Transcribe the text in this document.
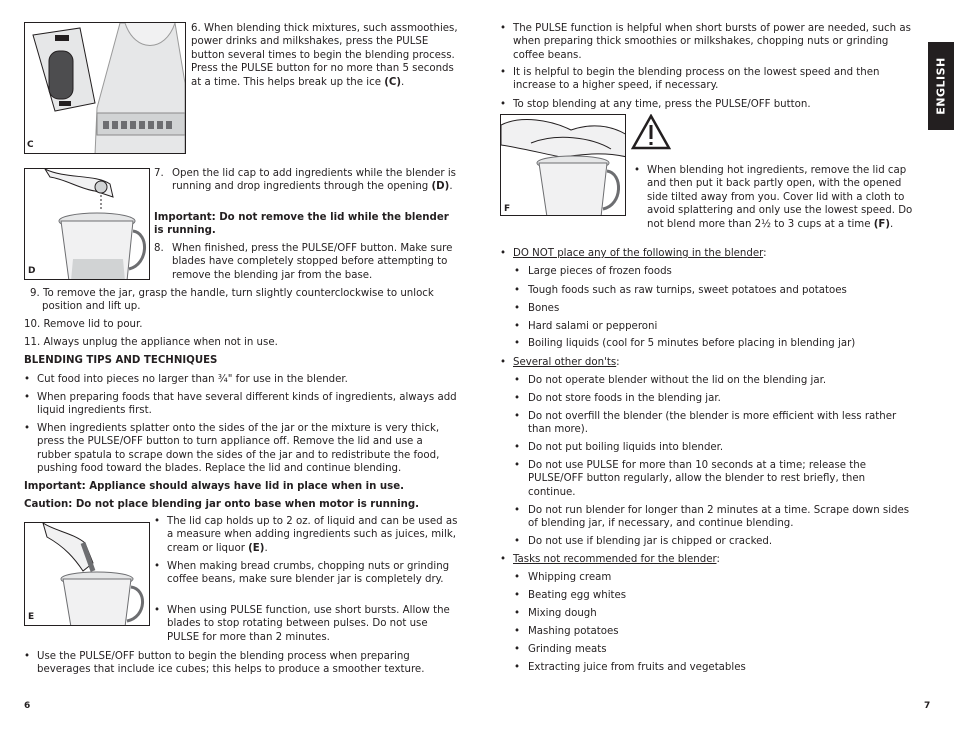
C
6. When blending thick mixtures, such assmoothies, power drinks and milkshakes, press the PULSE button several times to begin the blending process. Press the PULSE button for no more than 5 seconds at a time. This helps break up the ice (C).
D
7. Open the lid cap to add ingredients while the blender is running and drop ingredients through the opening (D).
Important: Do not remove the lid while the blender is running.
8. When finished, press the PULSE/OFF button. Make sure blades have completely stopped before attempting to remove the blending jar from the base.
9. To remove the jar, grasp the handle, turn slightly counterclockwise to unlock position and lift up.
10. Remove lid to pour.
11. Always unplug the appliance when not in use.
BLENDING TIPS AND TECHNIQUES
• Cut food into pieces no larger than ¾" for use in the blender.
• When preparing foods that have several different kinds of ingredients, always add liquid ingredients first.
• When ingredients splatter onto the sides of the jar or the mixture is very thick, press the PULSE/OFF button to turn appliance off. Remove the lid and use a rubber spatula to scrape down the sides of the jar and to redistribute the food, pushing food toward the blades. Replace the lid and continue blending.
Important: Appliance should always have lid in place when in use.
Caution: Do not place blending jar onto base when motor is running.
E
• The lid cap holds up to 2 oz. of liquid and can be used as a measure when adding ingredients such as juices, milk, cream or liquor (E).
• When making bread crumbs, chopping nuts or grinding coffee beans, make sure blender jar is completely dry.
• When using PULSE function, use short bursts. Allow the blades to stop rotating between pulses. Do not use PULSE for more than 2 minutes.
• Use the PULSE/OFF button to begin the blending process when preparing beverages that include ice cubes; this helps to produce a smoother texture.
6
• The PULSE function is helpful when short bursts of power are needed, such as when preparing thick smoothies or milkshakes, chopping nuts or grinding coffee beans.
• It is helpful to begin the blending process on the lowest speed and then increase to a higher speed, if necessary.
• To stop blending at any time, press the PULSE/OFF button.
F
• When blending hot ingredients, remove the lid cap and then put it back partly open, with the opened side tilted away from you. Cover lid with a cloth to avoid splattering and only use the lowest speed. Do not blend more than 2½ to 3 cups at a time (F).
• DO NOT place any of the following in the blender:
• Large pieces of frozen foods
• Tough foods such as raw turnips, sweet potatoes and potatoes
• Bones
• Hard salami or pepperoni
• Boiling liquids (cool for 5 minutes before placing in blending jar)
• Several other don'ts:
• Do not operate blender without the lid on the blending jar.
• Do not store foods in the blending jar.
• Do not overfill the blender (the blender is more efficient with less rather than more).
• Do not put boiling liquids into blender.
• Do not use PULSE for more than 10 seconds at a time; release the PULSE/OFF button regularly, allow the blender to rest briefly, then continue.
• Do not run blender for longer than 2 minutes at a time. Scrape down sides of blending jar, if necessary, and continue blending.
• Do not use if blending jar is chipped or cracked.
• Tasks not recommended for the blender:
• Whipping cream
• Beating egg whites
• Mixing dough
• Mashing potatoes
• Grinding meats
• Extracting juice from fruits and vegetables
ENGLISH
7
